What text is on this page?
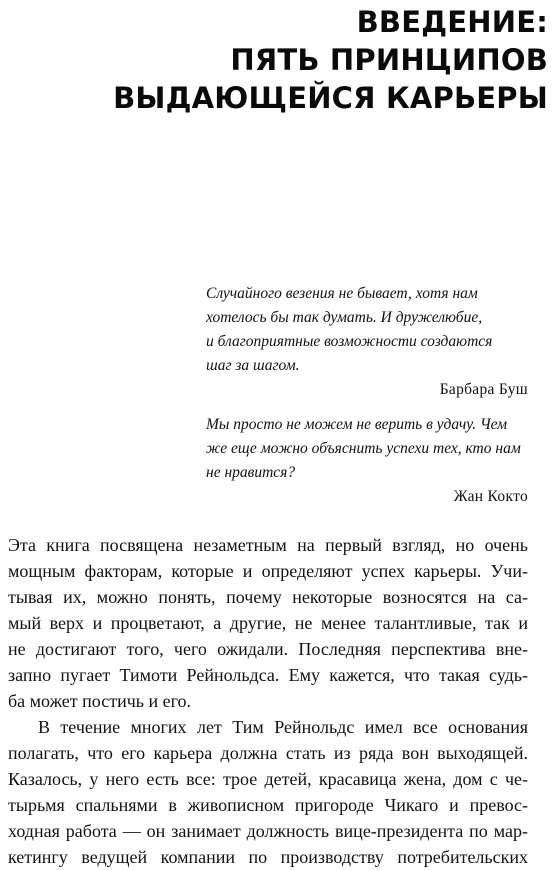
ВВЕДЕНИЕ:
ПЯТЬ ПРИНЦИПОВ
ВЫДАЮЩЕЙСЯ КАРЬЕРЫ

Случайного везения не бывает, хотя нам
хотелось бы так думать. И дружелюбие,
и благоприятные возможности создаются
шаг за шагом.

Барбара Буш

Мы просто не можем не верить в удачу. Чем
же еще можно объяснить успехи тех, кто нам
не нравится?

Жан Кокто

Эта книга посвящена незаметным на первый взгляд, но очень
мощным факторам, которые и определяют успех карьеры. Учи-
тывая их, можно понять, почему некоторые возносятся на са-
мый верх и процветают, а другие, не менее талантливые, так и
не достигают того, чего ожидали. Последняя перспектива вне-
запно пугает Тимоти Рейнольдса. Ему кажется, что такая судь-
ба может постичь и его.
В течение многих лет Тим Рейнольдс имел все основания
полагать, что его карьера должна стать из ряда вон выходящей.
Казалось, у него есть все: трое детей, красавица жена, дом с че-
тырьмя спальнями в живописном пригороде Чикаго и превос-
ходная работа — он занимает должность вице-президента по мар-
кетингу ведущей компании по производству потребительских
